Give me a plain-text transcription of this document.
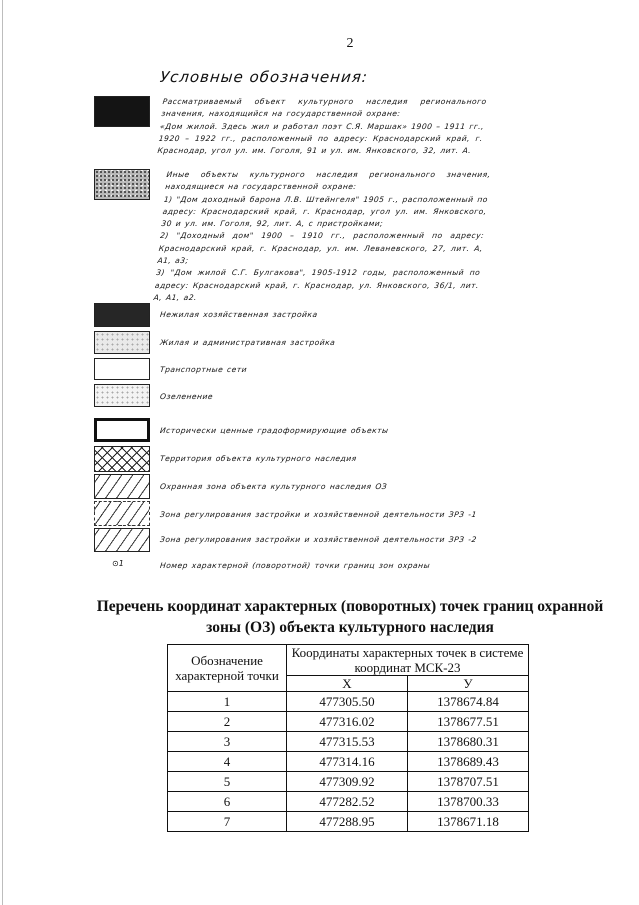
2
Условные обозначения:

Рассматриваемый объект культурного наследия регионального значения, находящийся на государственной охране:

«Дом жилой. Здесь жил и работал поэт С.Я. Маршак» 1900 – 1911 гг., 1920 – 1922 гг., расположенный по адресу: Краснодарский край, г. Краснодар, угол ул. им. Гоголя, 91 и ул. им. Янковского, 32, лит. А.

Иные объекты культурного наследия регионального значения, находящиеся на государственной охране:

1) "Дом доходный барона Л.В. Штейнгеля" 1905 г., расположенный по адресу: Краснодарский край, г. Краснодар, угол ул. им. Янковского, 30 и ул. им. Гоголя, 92, лит. А, с пристройками;

2) "Доходный дом" 1900 – 1910 гг., расположенный по адресу: Краснодарский край, г. Краснодар, ул. им. Леваневского, 27, лит. А, А1, а3;

3) "Дом жилой С.Г. Булгакова", 1905-1912 годы, расположенный по адресу: Краснодарский край, г. Краснодар, ул. Янковского, 36/1, лит. А, А1, а2.

Нежилая хозяйственная застройка
Жилая и административная застройка
Транспортные сети
Озеленение
Исторически ценные градоформирующие объекты
Территория объекта культурного наследия
Охранная зона объекта культурного наследия ОЗ
Зона регулирования застройки и хозяйственной деятельности ЗРЗ -1
Зона регулирования застройки и хозяйственной деятельности ЗРЗ -2
⊙1	Номер характерной (поворотной) точки границ зон охраны
Перечень координат характерных (поворотных) точек границ охранной зоны (ОЗ) объекта культурного наследия
Обозначение характерной точки	Координаты характерных точек в системе координат МСК-23	
	X	У
1	477305.50	1378674.84
2	477316.02	1378677.51
3	477315.53	1378680.31
4	477314.16	1378689.43
5	477309.92	1378707.51
6	477282.52	1378700.33
7	477288.95	1378671.18
